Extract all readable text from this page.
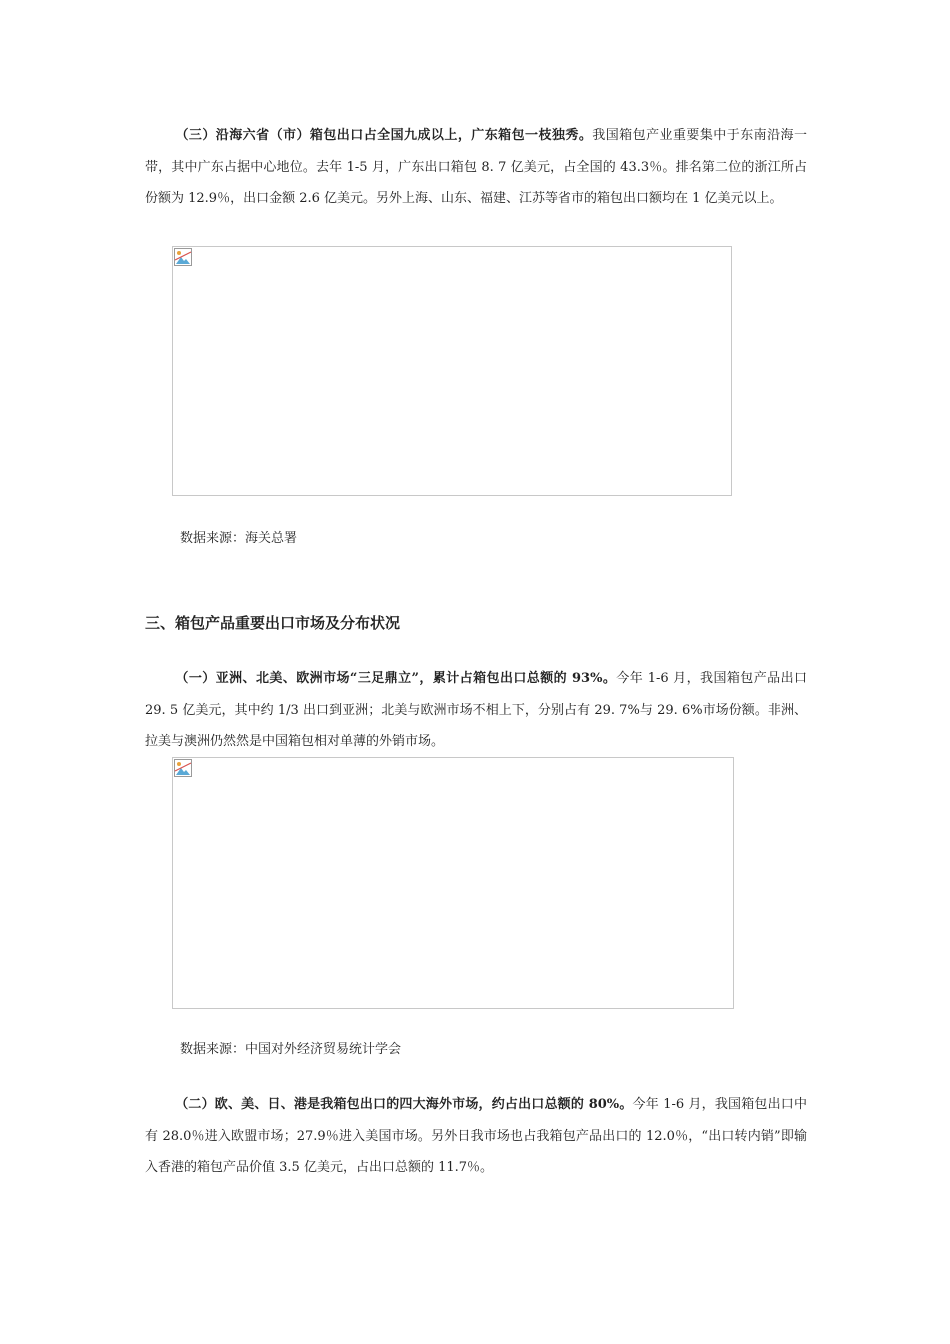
（三）沿海六省（市）箱包出口占全国九成以上，广东箱包一枝独秀。我国箱包产业重要集中于东南沿海一带，其中广东占据中心地位。去年 1-5 月，广东出口箱包 8. 7 亿美元，占全国的 43.3％。排名第二位的浙江所占份额为 12.9％，出口金额 2.6 亿美元。另外上海、山东、福建、江苏等省市的箱包出口额均在 1 亿美元以上。

数据来源：海关总署

三、箱包产品重要出口市场及分布状况

（一）亚洲、北美、欧洲市场“三足鼎立”，累计占箱包出口总额的 93%。今年 1-6 月，我国箱包产品出口 29. 5 亿美元，其中约 1/3 出口到亚洲；北美与欧洲市场不相上下，分别占有 29. 7%与 29. 6%市场份额。非洲、拉美与澳洲仍然然是中国箱包相对单薄的外销市场。

数据来源：中国对外经济贸易统计学会

（二）欧、美、日、港是我箱包出口的四大海外市场，约占出口总额的 80%。今年 1-6 月，我国箱包出口中有 28.0％进入欧盟市场；27.9％进入美国市场。另外日我市场也占我箱包产品出口的 12.0％，“出口转内销”即输入香港的箱包产品价值 3.5 亿美元，占出口总额的 11.7％。
